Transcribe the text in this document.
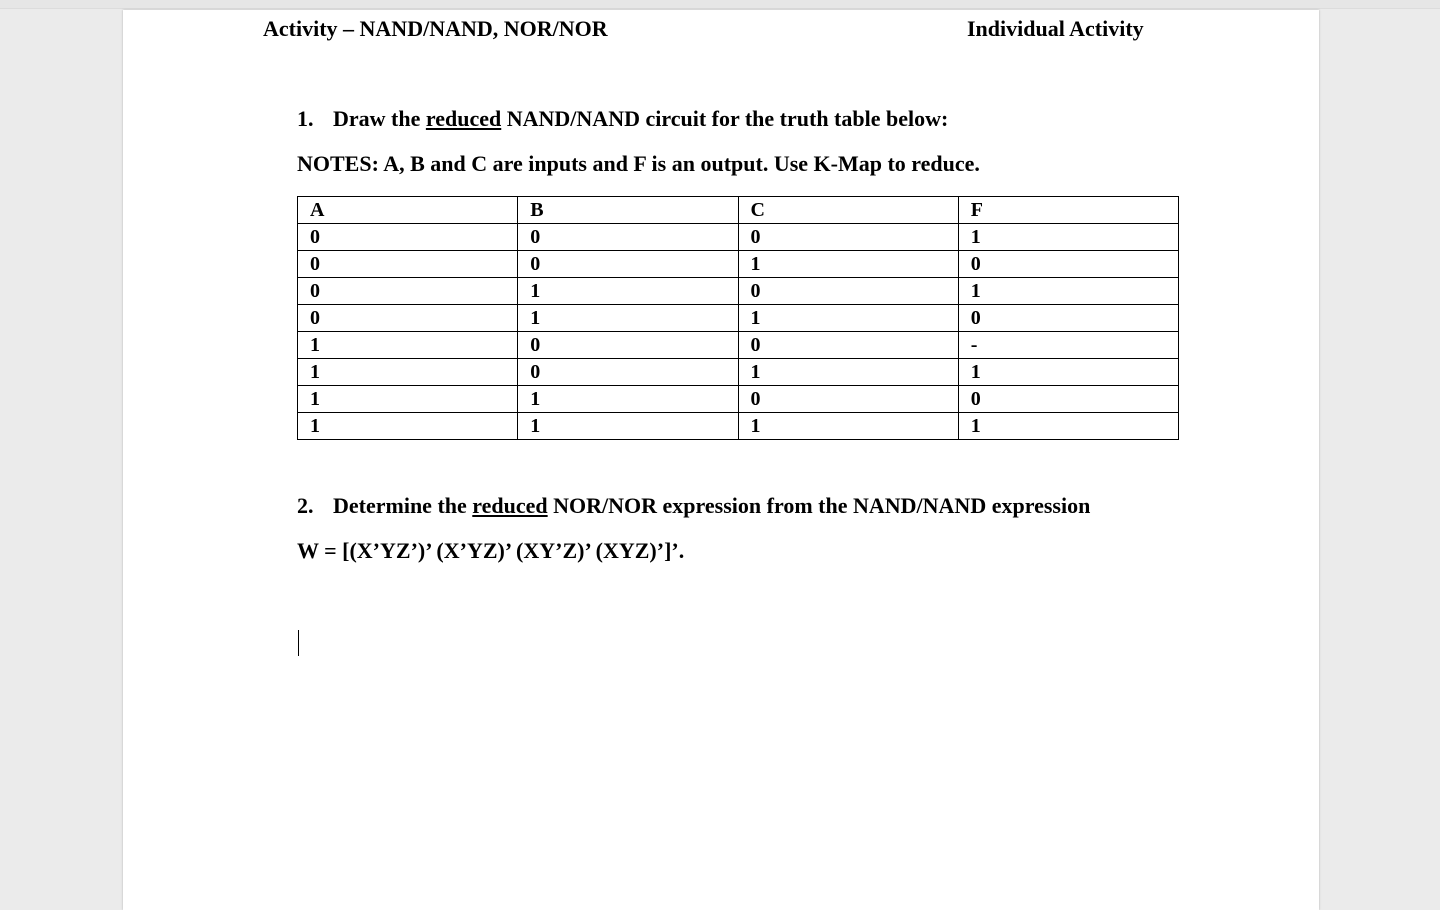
Activity – NAND/NAND, NOR/NOR	Individual Activity
1. Draw the reduced NAND/NAND circuit for the truth table below:
NOTES: A, B and C are inputs and F is an output. Use K-Map to reduce.
A	B	C	F
0	0	0	1
0	0	1	0
0	1	0	1
0	1	1	0
1	0	0	-
1	0	1	1
1	1	0	0
1	1	1	1
2. Determine the reduced NOR/NOR expression from the NAND/NAND expression
W = [(X’YZ’)’ (X’YZ)’ (XY’Z)’ (XYZ)’]’.
